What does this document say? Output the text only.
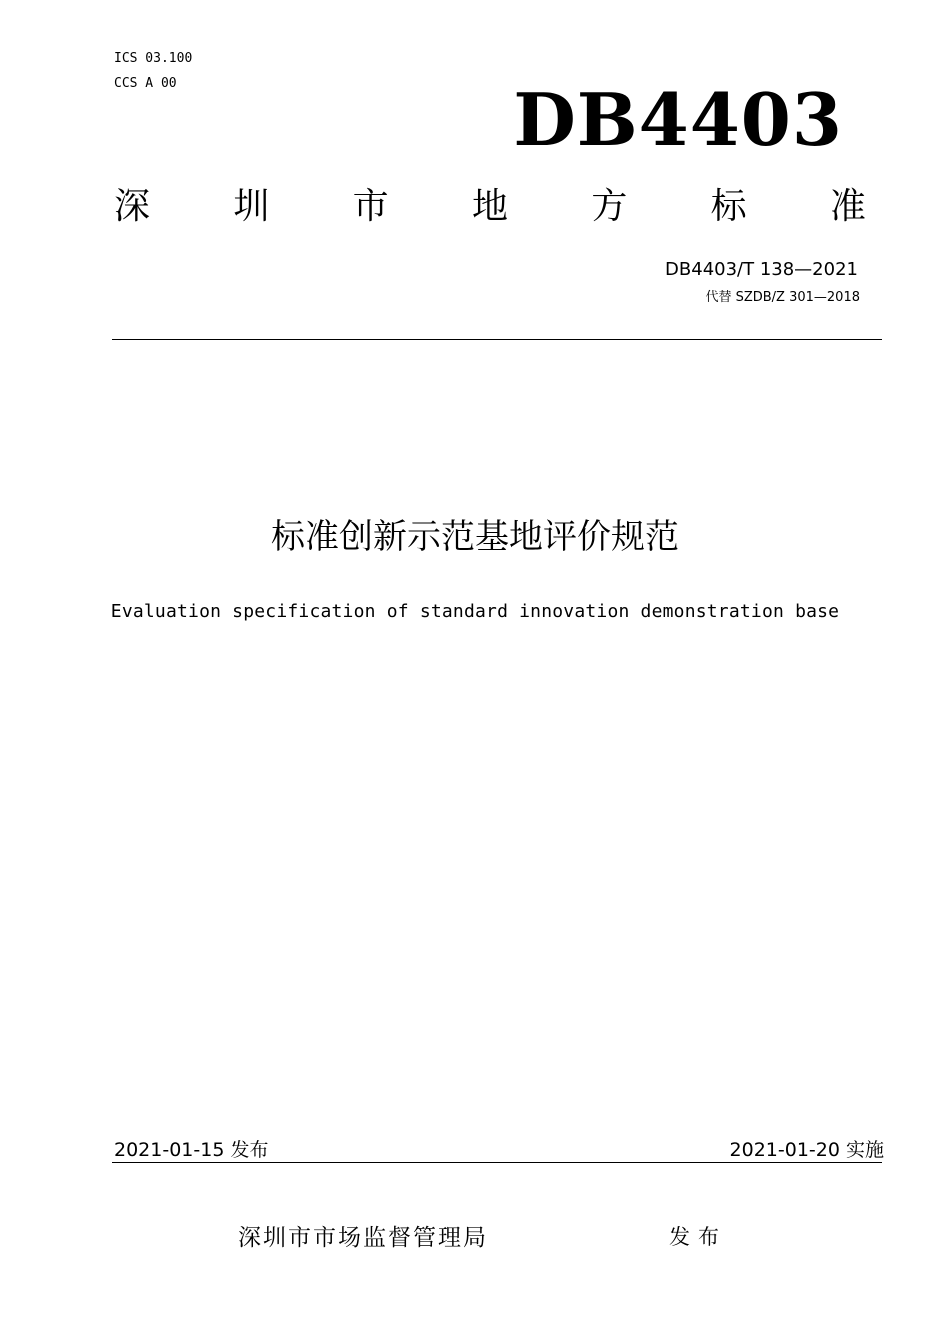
ICS 03.100
CCS A 00	DB4403
深 圳 市 地 方 标 准
DB4403/T 138—2021
代替 SZDB/Z 301—2018
标准创新示范基地评价规范
Evaluation specification of standard innovation demonstration base
2021-01-15 发布	2021-01-20 实施
深圳市市场监督管理局	发布
